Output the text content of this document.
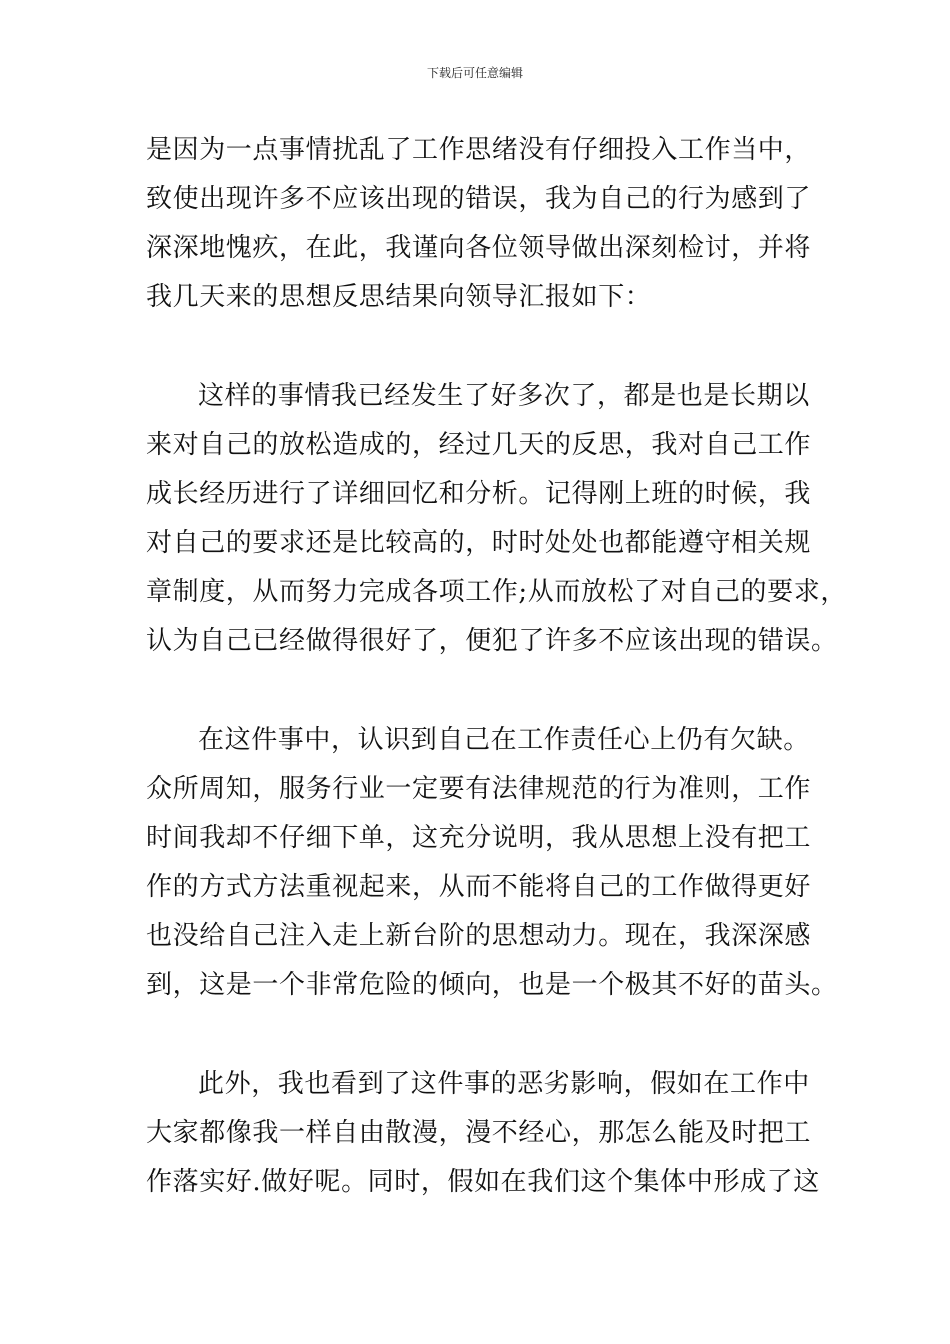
下载后可任意编辑
是因为一点事情扰乱了工作思绪没有仔细投入工作当中，
致使出现许多不应该出现的错误，我为自己的行为感到了
深深地愧疚，在此，我谨向各位领导做出深刻检讨，并将
我几天来的思想反思结果向领导汇报如下：
这样的事情我已经发生了好多次了，都是也是长期以
来对自己的放松造成的，经过几天的反思，我对自己工作
成长经历进行了详细回忆和分析。记得刚上班的时候，我
对自己的要求还是比较高的，时时处处也都能遵守相关规
章制度，从而努力完成各项工作;从而放松了对自己的要求，
认为自己已经做得很好了，便犯了许多不应该出现的错误。
在这件事中，认识到自己在工作责任心上仍有欠缺。
众所周知，服务行业一定要有法律规范的行为准则，工作
时间我却不仔细下单，这充分说明，我从思想上没有把工
作的方式方法重视起来，从而不能将自己的工作做得更好
也没给自己注入走上新台阶的思想动力。现在，我深深感
到，这是一个非常危险的倾向，也是一个极其不好的苗头。
此外，我也看到了这件事的恶劣影响，假如在工作中
大家都像我一样自由散漫，漫不经心，那怎么能及时把工
作落实好.做好呢。同时，假如在我们这个集体中形成了这
